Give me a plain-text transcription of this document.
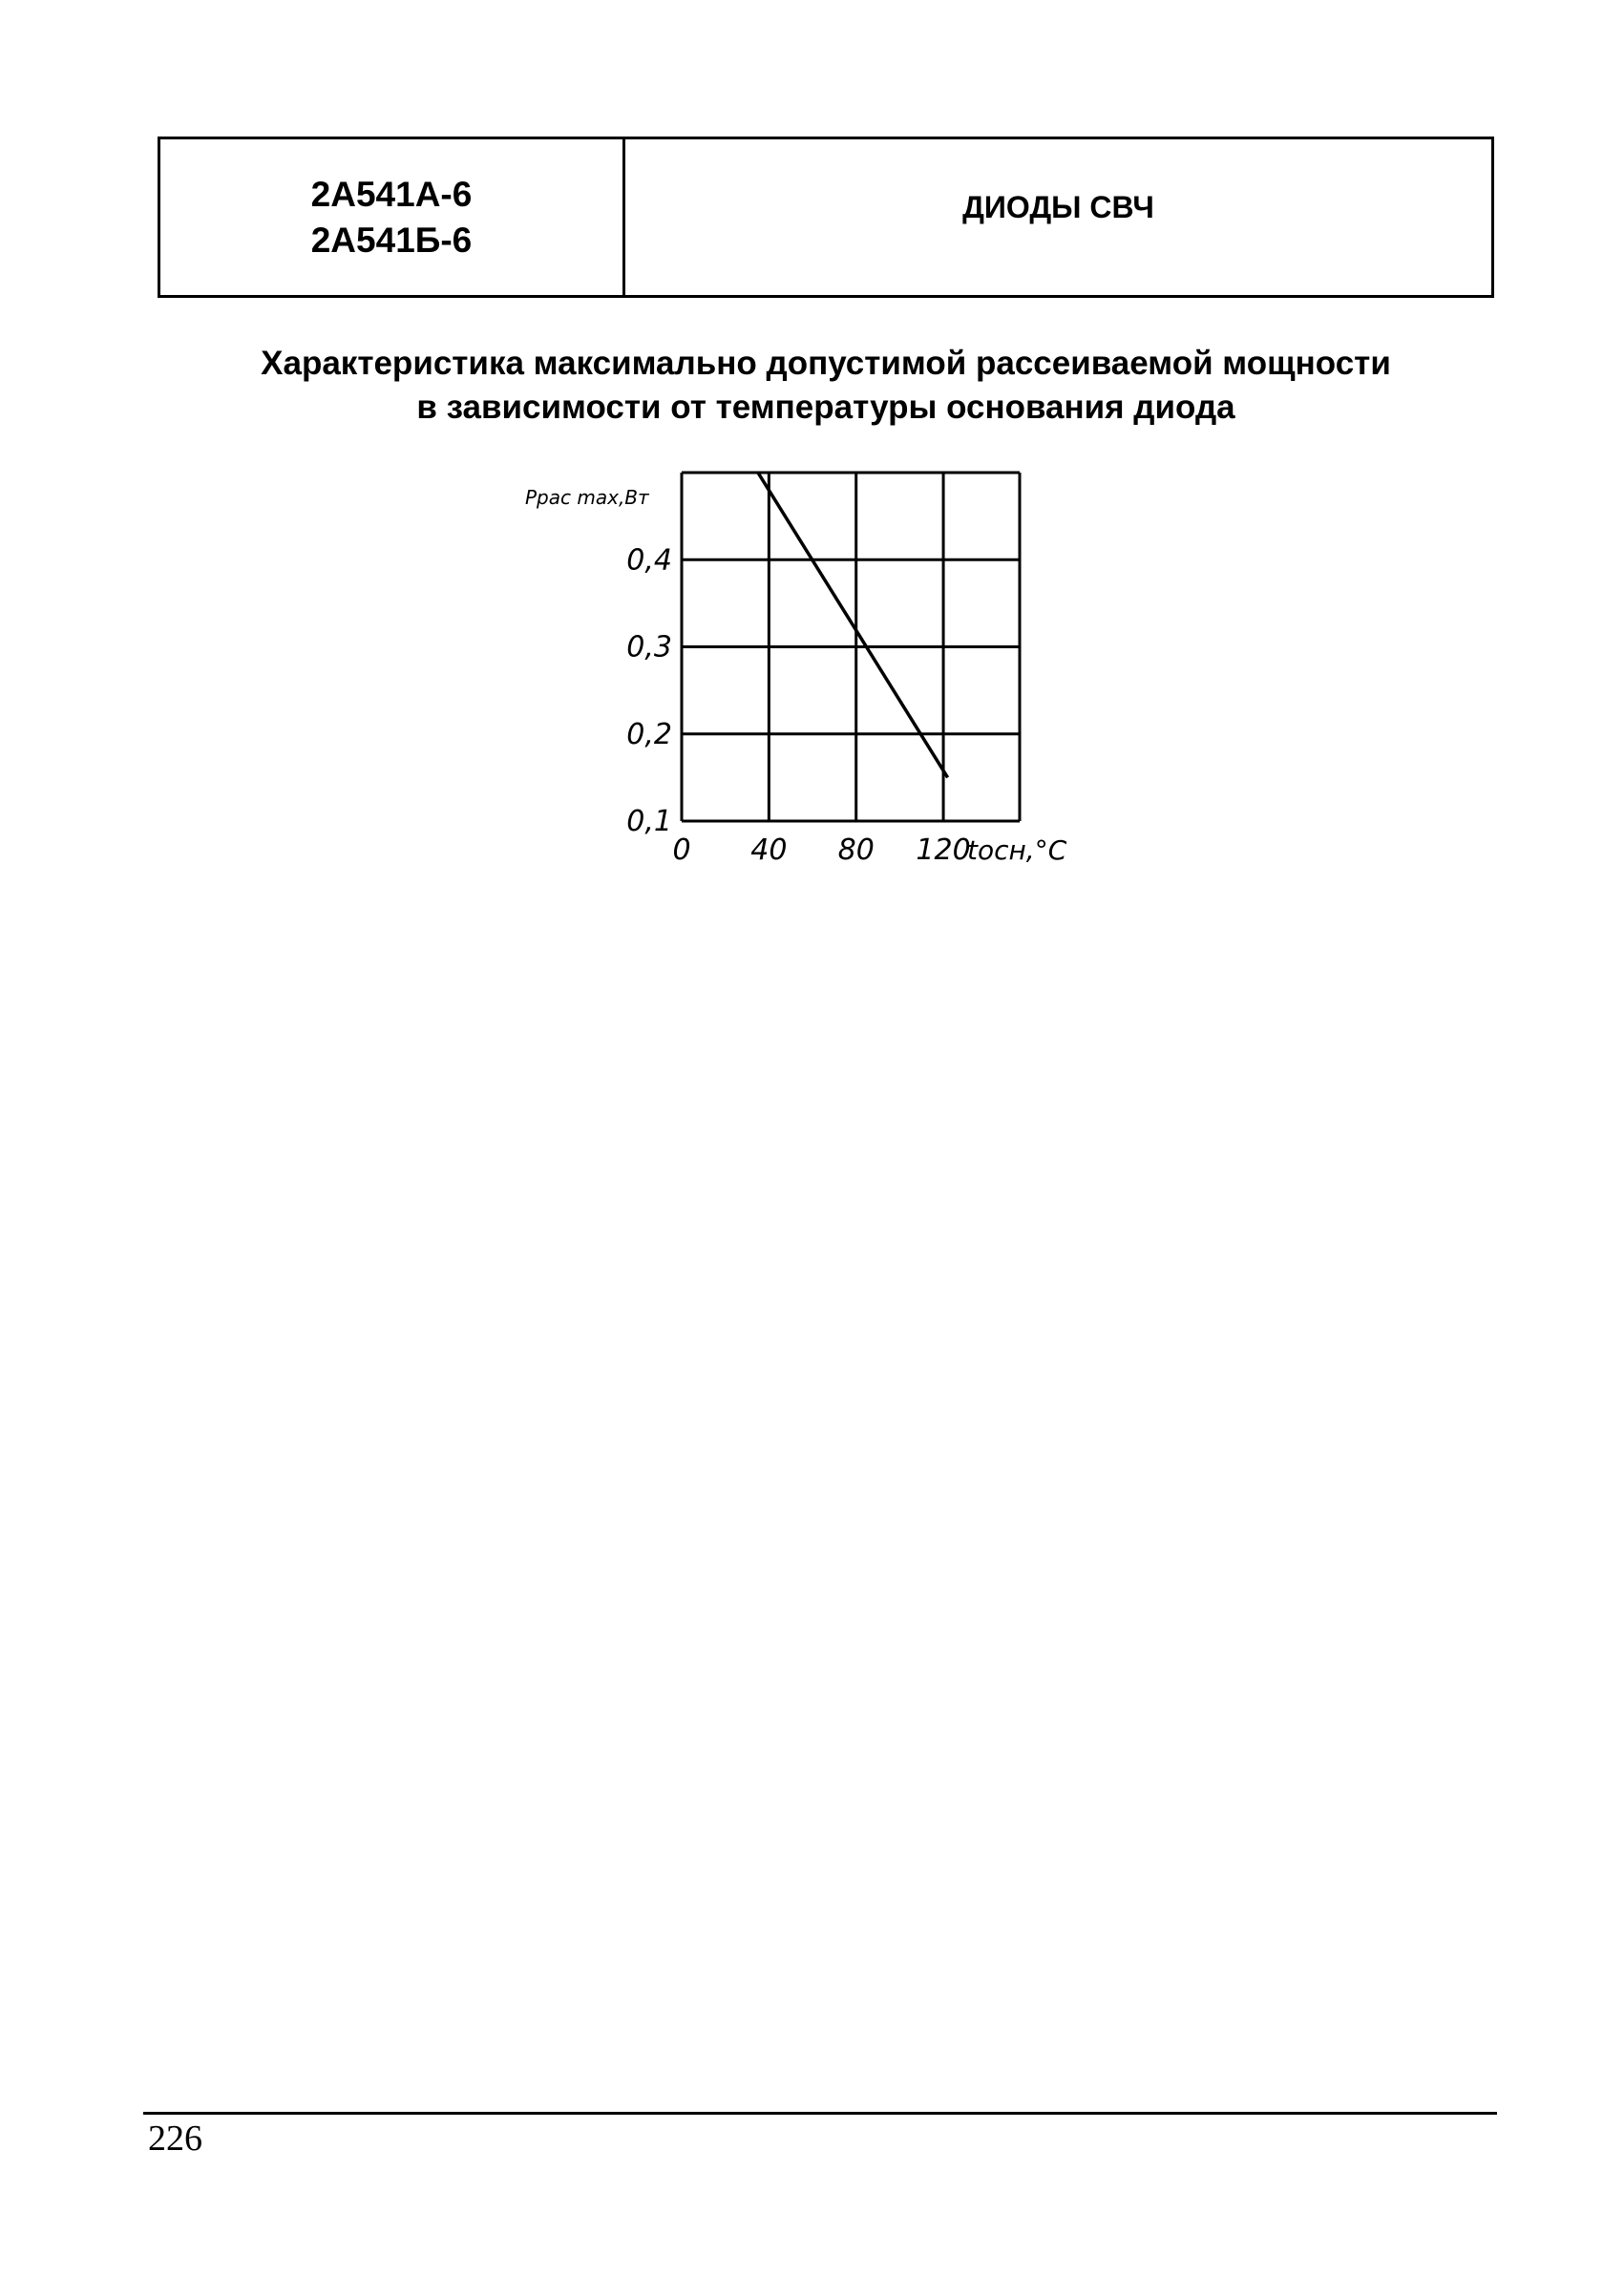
2А541А-6
2А541Б-6
ДИОДЫ СВЧ
Характеристика максимально допустимой рассеиваемой мощности
в зависимости от температуры основания диода
Pрас max,Вт
tосн,°C
0,4
0,3
0,2
0,1
0 40 80 120
226
